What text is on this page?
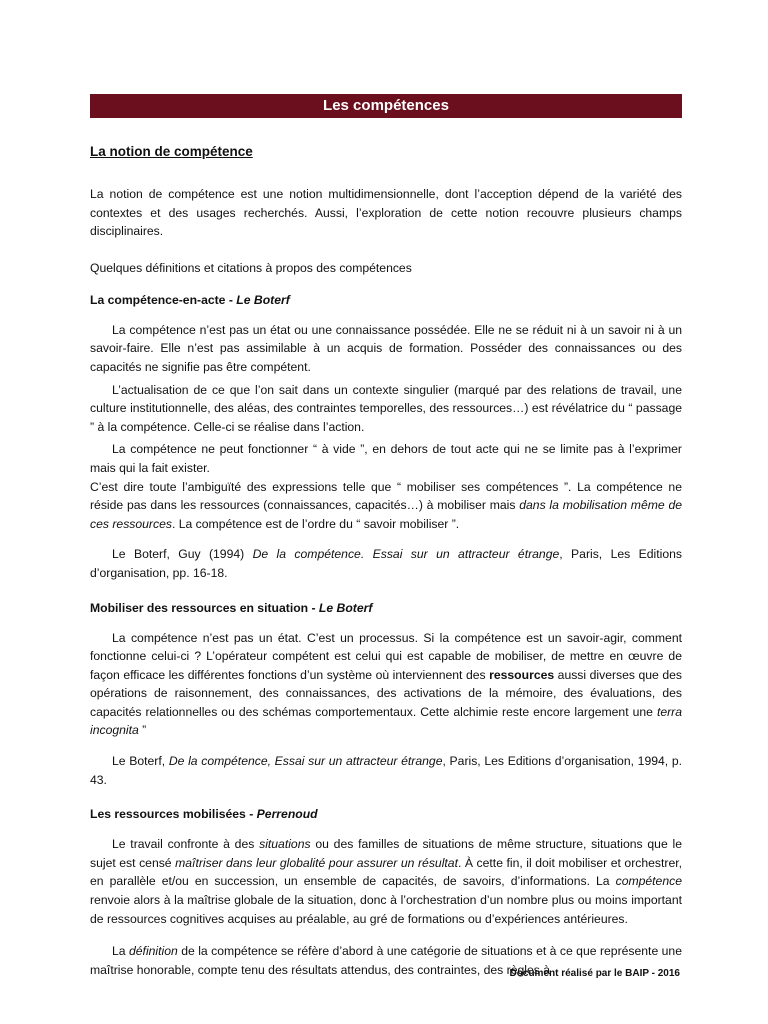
Les compétences
La notion de compétence

La notion de compétence est une notion multidimensionnelle, dont l’acception dépend de la variété des contextes et des usages recherchés. Aussi, l’exploration de cette notion recouvre plusieurs champs disciplinaires.

Quelques définitions et citations à propos des compétences

La compétence-en-acte - Le Boterf

La compétence n’est pas un état ou une connaissance possédée. Elle ne se réduit ni à un savoir ni à un savoir-faire. Elle n’est pas assimilable à un acquis de formation. Posséder des connaissances ou des capacités ne signifie pas être compétent.

L’actualisation de ce que l’on sait dans un contexte singulier (marqué par des relations de travail, une culture institutionnelle, des aléas, des contraintes temporelles, des ressources…) est révélatrice du “ passage ” à la compétence. Celle-ci se réalise dans l’action.

La compétence ne peut fonctionner “ à vide ”, en dehors de tout acte qui ne se limite pas à l’exprimer mais qui la fait exister.

C’est dire toute l’ambiguïté des expressions telle que “ mobiliser ses compétences ”. La compétence ne réside pas dans les ressources (connaissances, capacités…) à mobiliser mais dans la mobilisation même de ces ressources. La compétence est de l’ordre du “ savoir mobiliser ”.

Le Boterf, Guy (1994) De la compétence. Essai sur un attracteur étrange, Paris, Les Editions d’organisation, pp. 16-18.

Mobiliser des ressources en situation - Le Boterf

La compétence n’est pas un état. C’est un processus. Si la compétence est un savoir-agir, comment fonctionne celui-ci ? L’opérateur compétent est celui qui est capable de mobiliser, de mettre en œuvre de façon efficace les différentes fonctions d’un système où interviennent des ressources aussi diverses que des opérations de raisonnement, des connaissances, des activations de la mémoire, des évaluations, des capacités relationnelles ou des schémas comportementaux. Cette alchimie reste encore largement une terra incognita ”

Le Boterf, De la compétence, Essai sur un attracteur étrange, Paris, Les Editions d’organisation, 1994, p. 43.

Les ressources mobilisées - Perrenoud

Le travail confronte à des situations ou des familles de situations de même structure, situations que le sujet est censé maîtriser dans leur globalité pour assurer un résultat. À cette fin, il doit mobiliser et orchestrer, en parallèle et/ou en succession, un ensemble de capacités, de savoirs, d’informations. La compétence renvoie alors à la maîtrise globale de la situation, donc à l’orchestration d’un nombre plus ou moins important de ressources cognitives acquises au préalable, au gré de formations ou d’expériences antérieures.

La définition de la compétence se réfère d’abord à une catégorie de situations et à ce que représente une maîtrise honorable, compte tenu des résultats attendus, des contraintes, des règles à

Document réalisé par le BAIP - 2016
